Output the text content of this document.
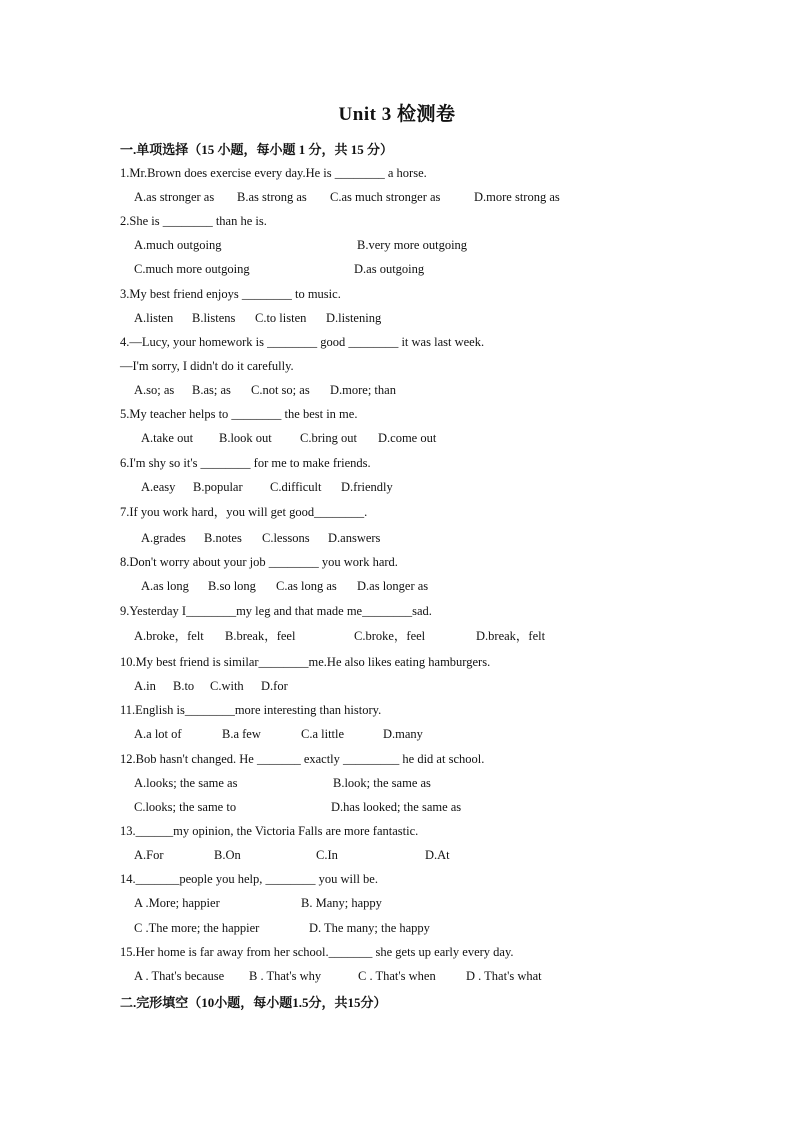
Unit 3 检测卷
一.单项选择（15 小题，每小题 1 分，共 15 分）
1.Mr.Brown does exercise every day.He is ________ a horse.
A.as stronger as B.as strong as C.as much stronger as	D.more strong as
2.She is ________ than he is.
A.much outgoing	B.very more outgoing
C.much more outgoing	D.as outgoing
3.My best friend enjoys ________ to music.
A.listen B.listens C.to listen D.listening
4.—Lucy, your homework is ________ good ________ it was last week.
—I'm sorry, I didn't do it carefully.
A.so; as B.as; as C.not so; as D.more; than
5.My teacher helps to ________ the best in me.
A.take out B.look out C.bring out D.come out
6.I'm shy so it's ________ for me to make friends.
A.easy B.popular C.difficult D.friendly
7.If you work hard，you will get good________.
A.grades B.notes C.lessons D.answers
8.Don't worry about your job ________ you work hard.
A.as long B.so long C.as long as D.as longer as
9.Yesterday I________my leg and that made me________sad.
A.broke，felt B.break，feel	C.broke，feel	D.break，felt
10.My best friend is similar________me.He also likes eating hamburgers.
A.in B.to C.with D.for
11.English is________more interesting than history.
A.a lot of	B.a few	C.a little	D.many
12.Bob hasn't changed. He _______ exactly _________ he did at school.
A.looks; the same as	B.look; the same as
C.looks; the same to	D.has looked; the same as
13.______my opinion, the Victoria Falls are more fantastic.
A.For	B.On	C.In	D.At
14._______people you help, ________ you will be.
A .More; happier	B. Many; happy
C .The more; the happier	D. The many; the happy
15.Her home is far away from her school._______ she gets up early every day.
A . That's because B . That's why	C . That's when D . That's what
二.完形填空（10小题，每小题1.5分，共15分）
